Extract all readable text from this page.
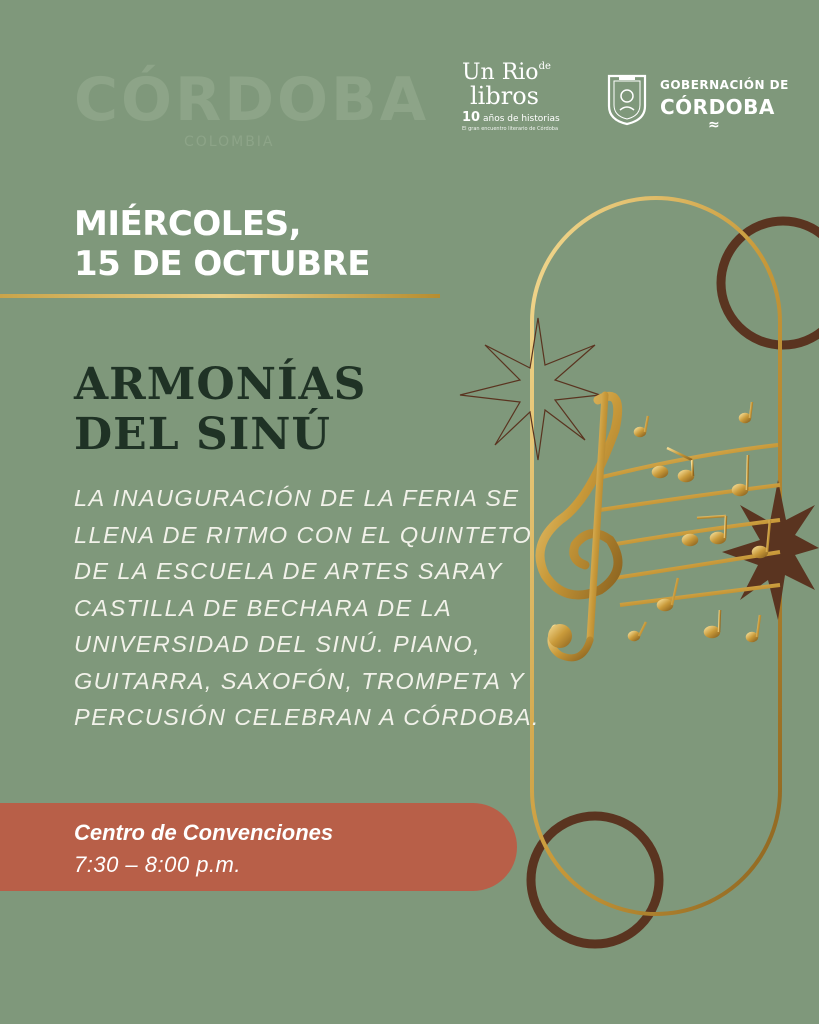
CÓRDOBA
COLOMBIA
Un Rio$^{de}$
libros
10 años de historias
El gran encuentro literario de Córdoba
GOBERNACIÓN DE
CÓRDOBA
≈
MIÉRCOLES,
15 DE OCTUBRE
ARMONÍAS
DEL SINÚ
LA INAUGURACIÓN DE LA FERIA SE LLENA DE RITMO CON EL QUINTETO DE LA ESCUELA DE ARTES SARAY CASTILLA DE BECHARA DE LA UNIVERSIDAD DEL SINÚ. PIANO, GUITARRA, SAXOFÓN, TROMPETA Y PERCUSIÓN CELEBRAN A CÓRDOBA.
Centro de Convenciones
7:30 – 8:00 p.m.
